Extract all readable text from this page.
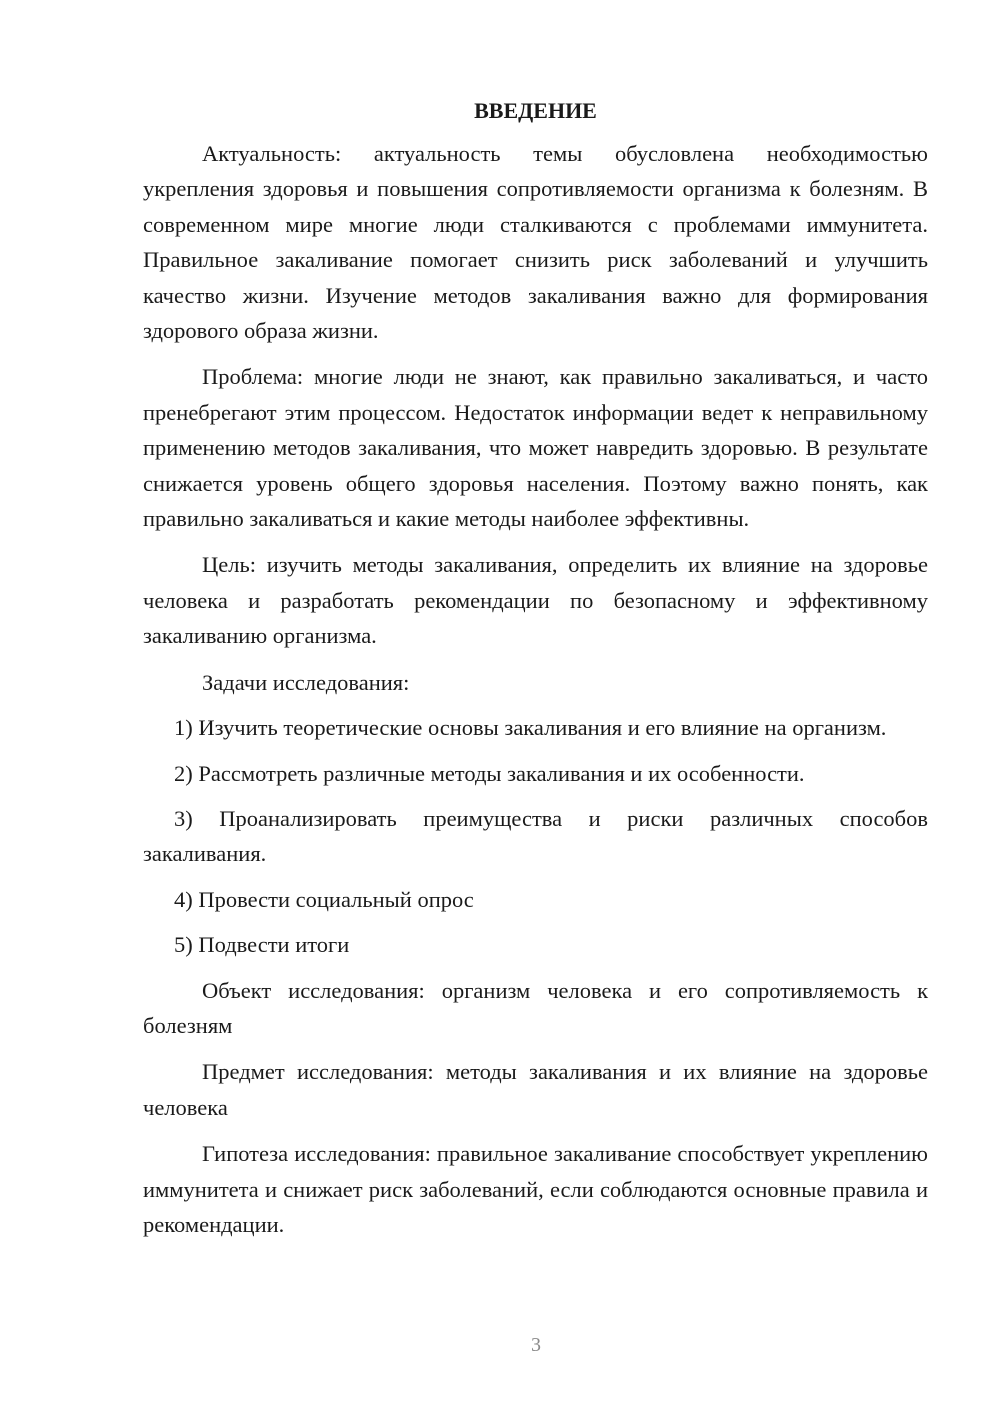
ВВЕДЕНИЕ

Актуальность: актуальность темы обусловлена необходимостью укрепления здоровья и повышения сопротивляемости организма к болезням. В современном мире многие люди сталкиваются с проблемами иммунитета. Правильное закаливание помогает снизить риск заболеваний и улучшить качество жизни. Изучение методов закаливания важно для формирования здорового образа жизни.

Проблема: многие люди не знают, как правильно закаливаться, и часто пренебрегают этим процессом. Недостаток информации ведет к неправильному применению методов закаливания, что может навредить здоровью. В результате снижается уровень общего здоровья населения. Поэтому важно понять, как правильно закаливаться и какие методы наиболее эффективны.

Цель: изучить методы закаливания, определить их влияние на здоровье человека и разработать рекомендации по безопасному и эффективному закаливанию организма.

Задачи исследования:

1) Изучить теоретические основы закаливания и его влияние на организм.

2) Рассмотреть различные методы закаливания и их особенности.

3) Проанализировать преимущества и риски различных способов закаливания.

4) Провести социальный опрос

5) Подвести итоги

Объект исследования: организм человека и его сопротивляемость к болезням

Предмет исследования: методы закаливания и их влияние на здоровье человека

Гипотеза исследования: правильное закаливание способствует укреплению иммунитета и снижает риск заболеваний, если соблюдаются основные правила и рекомендации.

3
